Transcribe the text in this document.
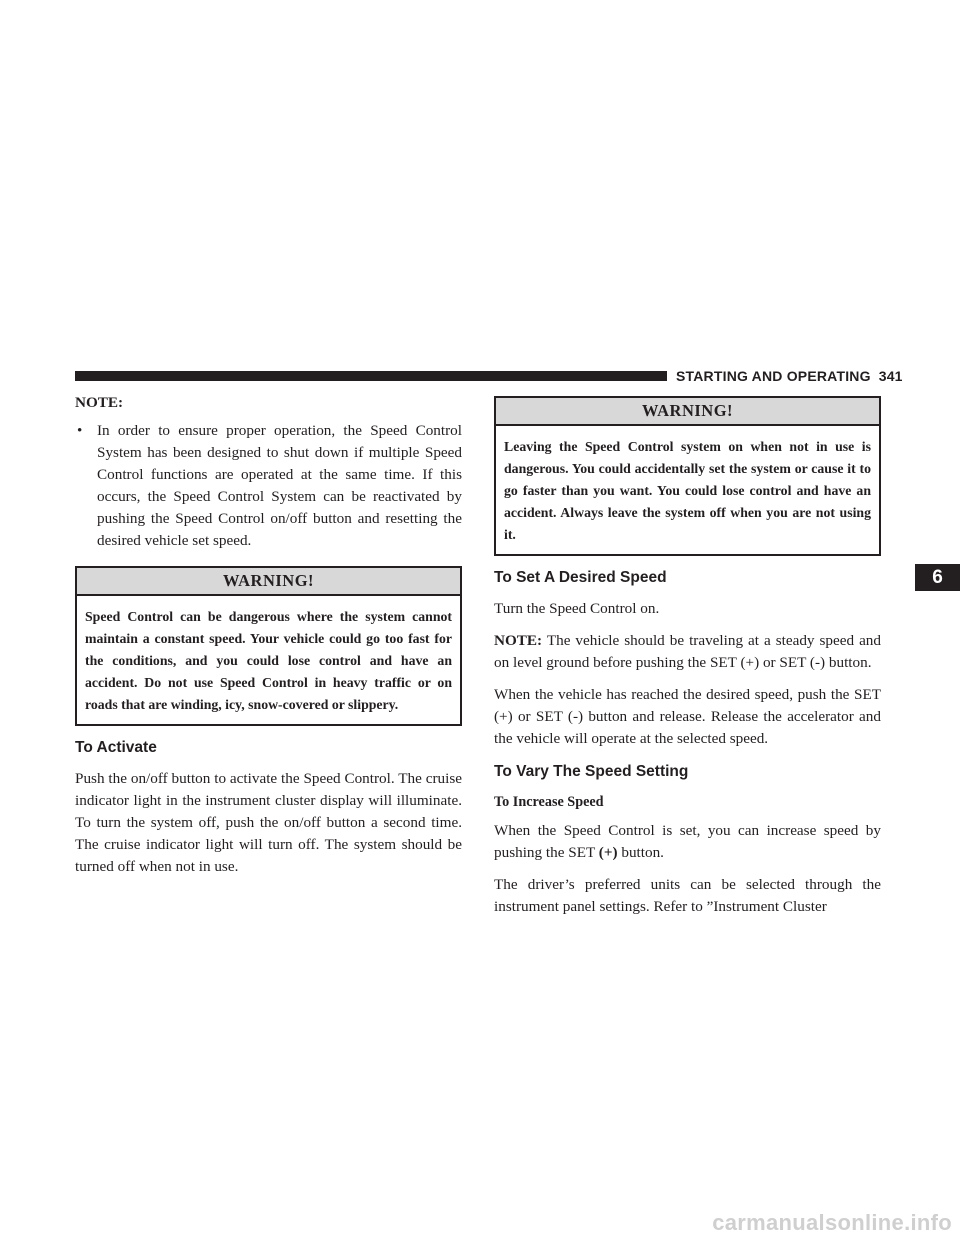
STARTING AND OPERATING 341
NOTE:
• In order to ensure proper operation, the Speed Control System has been designed to shut down if multiple Speed Control functions are operated at the same time. If this occurs, the Speed Control System can be reactivated by pushing the Speed Control on/off button and resetting the desired vehicle set speed.
WARNING!
Speed Control can be dangerous where the system cannot maintain a constant speed. Your vehicle could go too fast for the conditions, and you could lose control and have an accident. Do not use Speed Control in heavy traffic or on roads that are winding, icy, snow-covered or slippery.
To Activate

Push the on/off button to activate the Speed Control. The cruise indicator light in the instrument cluster display will illuminate. To turn the system off, push the on/off button a second time. The cruise indicator light will turn off. The system should be turned off when not in use.

WARNING!
Leaving the Speed Control system on when not in use is dangerous. You could accidentally set the system or cause it to go faster than you want. You could lose control and have an accident. Always leave the system off when you are not using it.
To Set A Desired Speed

Turn the Speed Control on.

NOTE: The vehicle should be traveling at a steady speed and on level ground before pushing the SET (+) or SET (-) button.

When the vehicle has reached the desired speed, push the SET (+) or SET (-) button and release. Release the accelerator and the vehicle will operate at the selected speed.

To Vary The Speed Setting
To Increase Speed

When the Speed Control is set, you can increase speed by pushing the SET (+) button.

The driver’s preferred units can be selected through the instrument panel settings. Refer to ”Instrument Cluster

6
carmanualsonline.info
